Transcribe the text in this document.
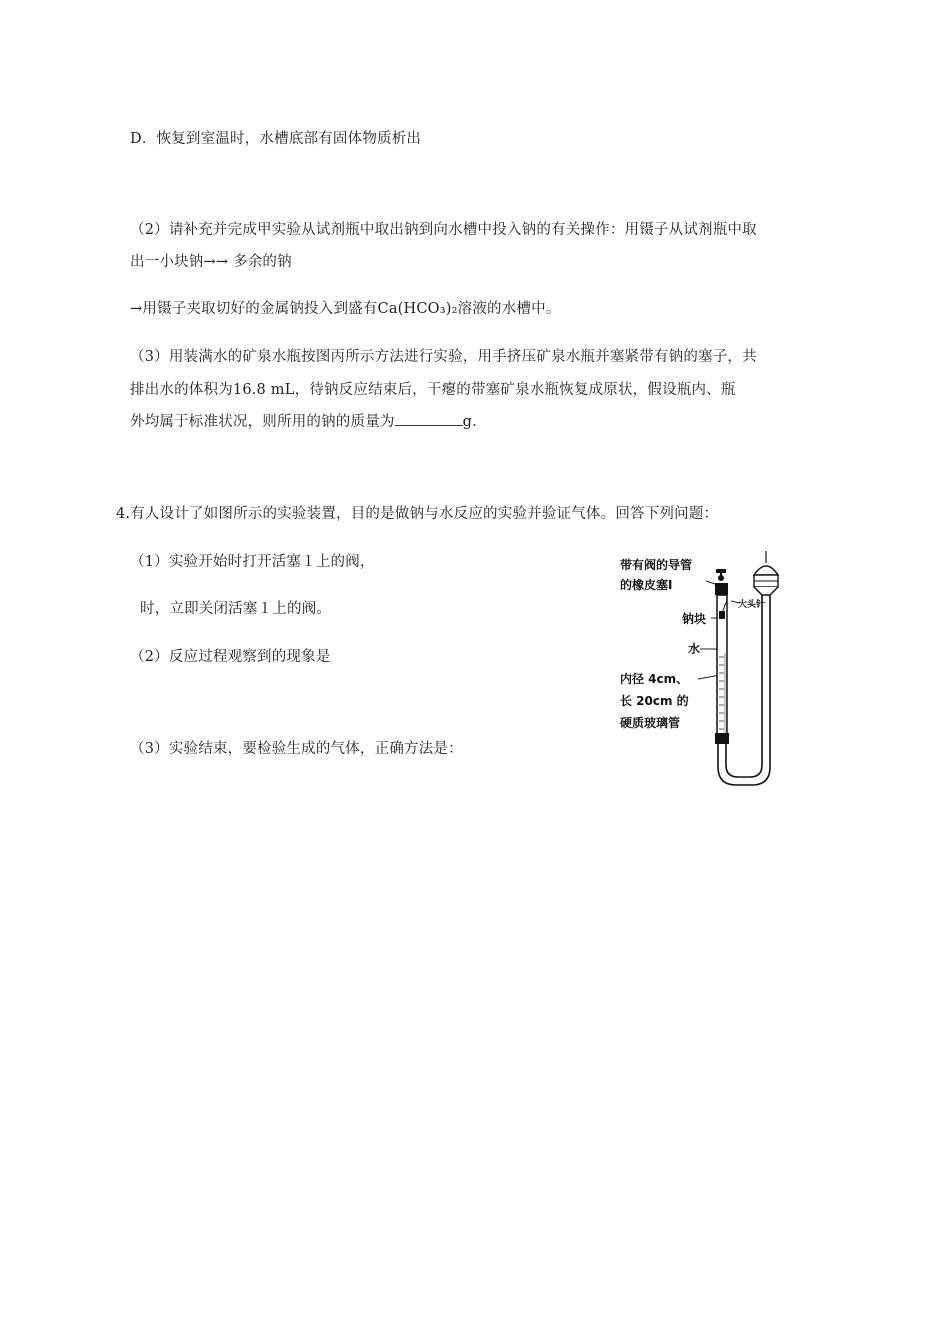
D．恢复到室温时，水槽底部有固体物质析出
（2）请补充并完成甲实验从试剂瓶中取出钠到向水槽中投入钠的有关操作：用镊子从试剂瓶中取
出一小块钠→→ 多余的钠
→用镊子夹取切好的金属钠投入到盛有Ca(HCO₃)₂溶液的水槽中。
（3）用装满水的矿泉水瓶按图丙所示方法进行实验，用手挤压矿泉水瓶并塞紧带有钠的塞子，共
排出水的体积为16.8 mL，待钠反应结束后，干瘪的带塞矿泉水瓶恢复成原状，假设瓶内、瓶
外均属于标准状况，则所用的钠的质量为	g.
4.有人设计了如图所示的实验装置，目的是做钠与水反应的实验并验证气体。回答下列问题：
（1）实验开始时打开活塞１上的阀，
时，立即关闭活塞１上的阀。
（2）反应过程观察到的现象是
（3）实验结束，要检验生成的气体，正确方法是：
带有阀的导管
的橡皮塞Ⅰ
大头针
钠块
水
内径 4cm、
长 20cm 的
硬质玻璃管
